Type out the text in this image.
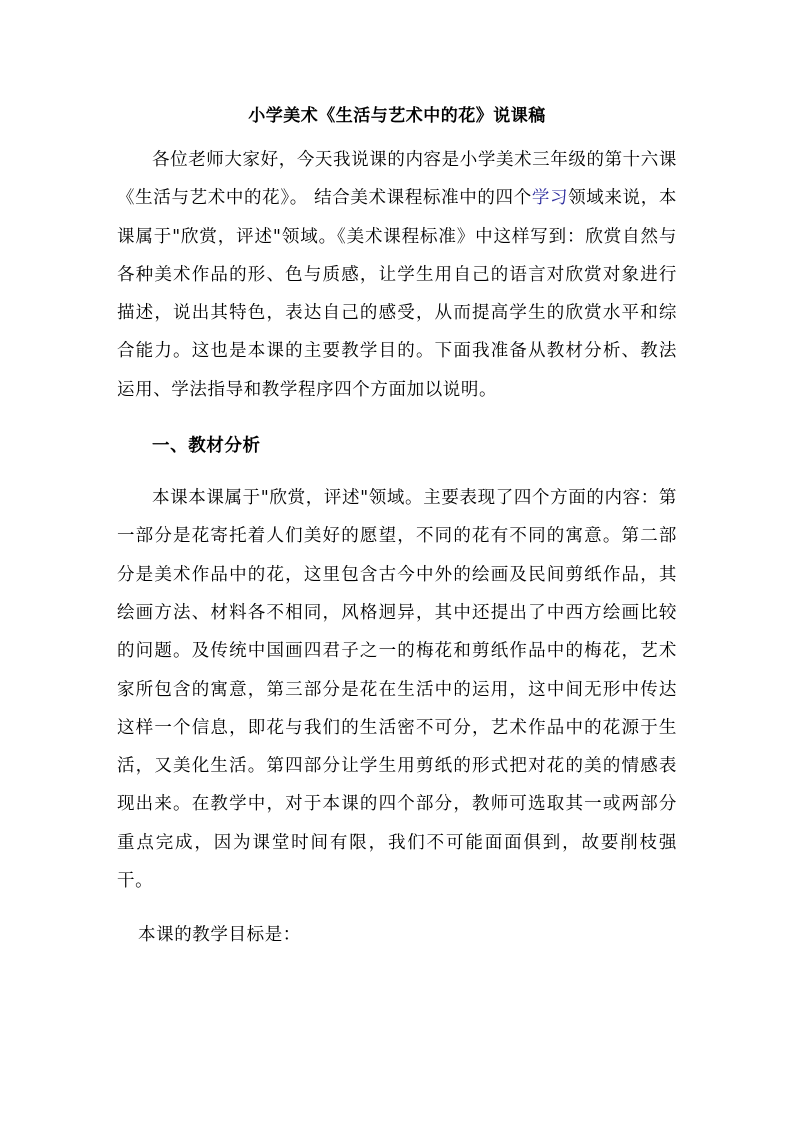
小学美术《生活与艺术中的花》说课稿

各位老师大家好，今天我说课的内容是小学美术三年级的第十六课《生活与艺术中的花》。 结合美术课程标准中的四个学习领域来说，本课属于"欣赏，评述"领域。《美术课程标准》中这样写到：欣赏自然与各种美术作品的形、色与质感，让学生用自己的语言对欣赏对象进行描述，说出其特色，表达自己的感受，从而提高学生的欣赏水平和综合能力。这也是本课的主要教学目的。下面我准备从教材分析、教法运用、学法指导和教学程序四个方面加以说明。

一、教材分析

本课本课属于"欣赏，评述"领域。主要表现了四个方面的内容：第一部分是花寄托着人们美好的愿望，不同的花有不同的寓意。第二部分是美术作品中的花，这里包含古今中外的绘画及民间剪纸作品，其绘画方法、材料各不相同，风格迥异，其中还提出了中西方绘画比较的问题。及传统中国画四君子之一的梅花和剪纸作品中的梅花，艺术家所包含的寓意，第三部分是花在生活中的运用，这中间无形中传达这样一个信息，即花与我们的生活密不可分，艺术作品中的花源于生活，又美化生活。第四部分让学生用剪纸的形式把对花的美的情感表现出来。在教学中，对于本课的四个部分，教师可选取其一或两部分重点完成，因为课堂时间有限，我们不可能面面俱到，故要削枝强干。

本课的教学目标是：
